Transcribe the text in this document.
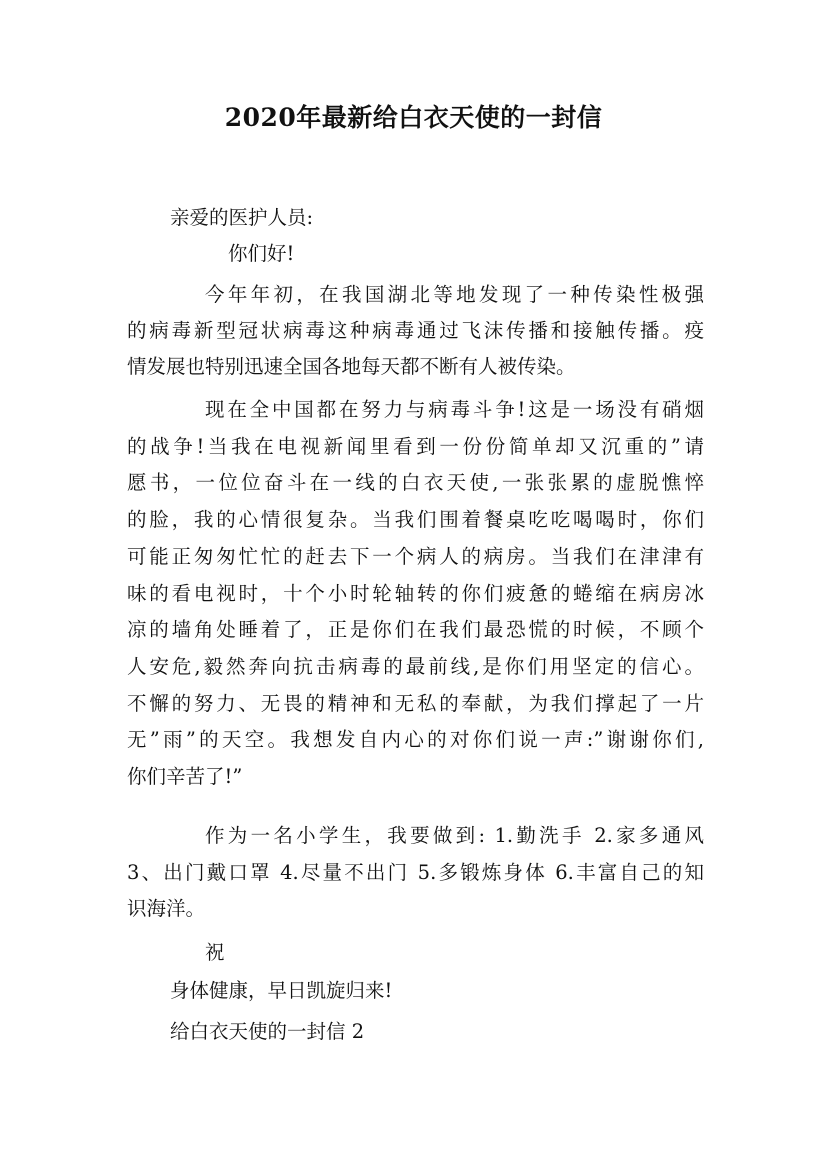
2020年最新给白衣天使的一封信
亲爱的医护人员:
你们好!
今年年初，在我国湖北等地发现了一种传染性极强
的病毒新型冠状病毒这种病毒通过飞沫传播和接触传播。疫
情发展也特别迅速全国各地每天都不断有人被传染。
现在全中国都在努力与病毒斗争!这是一场没有硝烟
的战争!当我在电视新闻里看到一份份简单却又沉重的”请
愿书，一位位奋斗在一线的白衣天使,一张张累的虚脱憔悴
的脸，我的心情很复杂。当我们围着餐桌吃吃喝喝时，你们
可能正匆匆忙忙的赶去下一个病人的病房。当我们在津津有
味的看电视时，十个小时轮轴转的你们疲惫的蜷缩在病房冰
凉的墙角处睡着了，正是你们在我们最恐慌的时候，不顾个
人安危,毅然奔向抗击病毒的最前线,是你们用坚定的信心。
不懈的努力、无畏的精神和无私的奉献，为我们撑起了一片
无”雨”的天空。我想发自内心的对你们说一声:”谢谢你们,
你们辛苦了!”
作为一名小学生，我要做到: 1.勤洗手 2.家多通风
3、出门戴口罩 4.尽量不出门 5.多锻炼身体 6.丰富自己的知
识海洋。
祝
身体健康，早日凯旋归来!
给白衣天使的一封信 2
